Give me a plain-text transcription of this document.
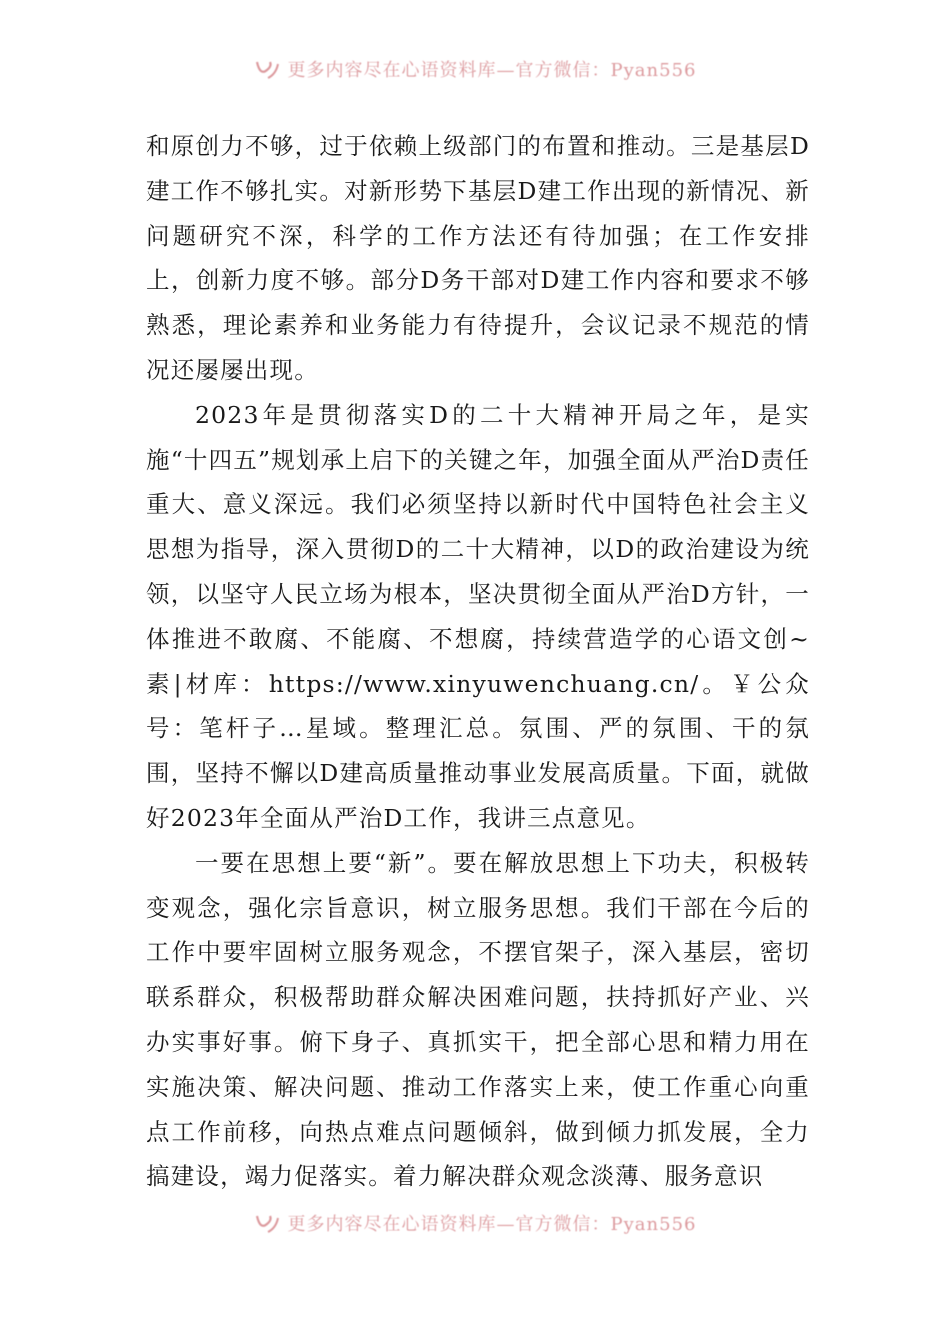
更多内容尽在心语资料库—官方微信：Pyan556

和原创力不够，过于依赖上级部门的布置和推动。三是基层D建工作不够扎实。对新形势下基层D建工作出现的新情况、新问题研究不深，科学的工作方法还有待加强；在工作安排上，创新力度不够。部分D务干部对D建工作内容和要求不够熟悉，理论素养和业务能力有待提升，会议记录不规范的情况还屡屡出现。

2023年是贯彻落实D的二十大精神开局之年，是实施“十四五”规划承上启下的关键之年，加强全面从严治D责任重大、意义深远。我们必须坚持以新时代中国特色社会主义思想为指导，深入贯彻D的二十大精神，以D的政治建设为统领，以坚守人民立场为根本，坚决贯彻全面从严治D方针，一体推进不敢腐、不能腐、不想腐，持续营造学的心语文创~素|材库：https://www.xinyuwenchuang.cn/。￥公众号：笔杆子…星域。整理汇总。氛围、严的氛围、干的氛围，坚持不懈以D建高质量推动事业发展高质量。下面，就做好2023年全面从严治D工作，我讲三点意见。

一要在思想上要“新”。要在解放思想上下功夫，积极转变观念，强化宗旨意识，树立服务思想。我们干部在今后的工作中要牢固树立服务观念，不摆官架子，深入基层，密切联系群众，积极帮助群众解决困难问题，扶持抓好产业、兴办实事好事。俯下身子、真抓实干，把全部心思和精力用在实施决策、解决问题、推动工作落实上来，使工作重心向重点工作前移，向热点难点问题倾斜，做到倾力抓发展，全力搞建设，竭力促落实。着力解决群众观念淡薄、服务意识

更多内容尽在心语资料库—官方微信：Pyan556
